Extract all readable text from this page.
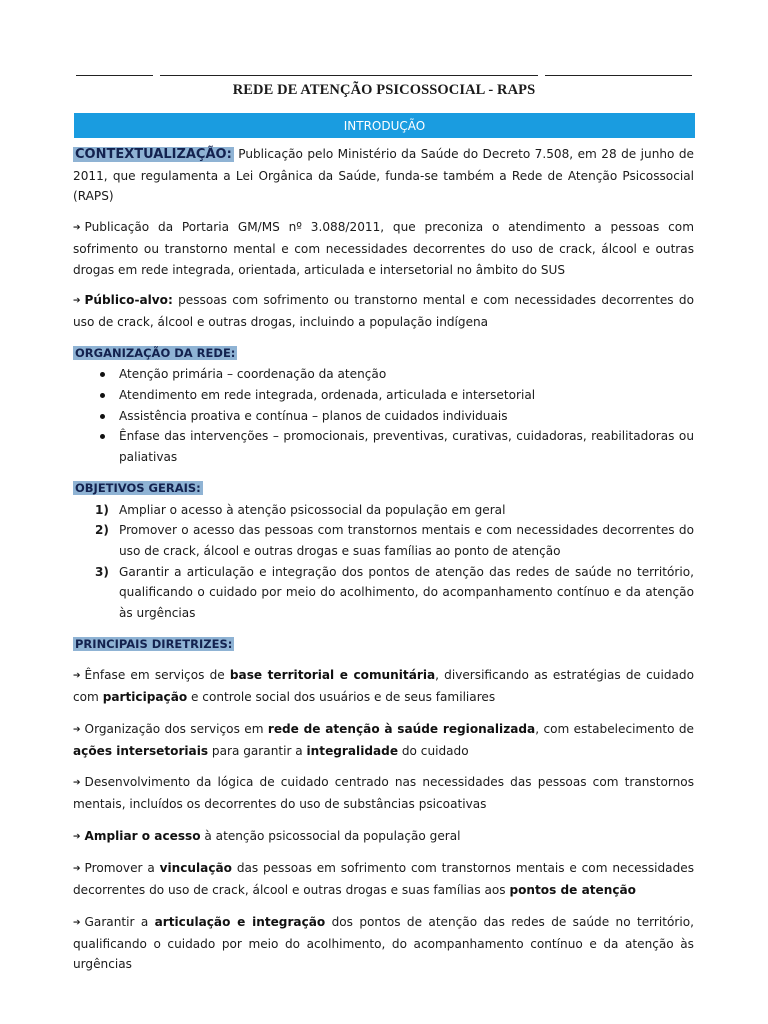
REDE DE ATENÇÃO PSICOSSOCIAL - RAPS
INTRODUÇÃO

CONTEXTUALIZAÇÃO: Publicação pelo Ministério da Saúde do Decreto 7.508, em 28 de junho de 2011, que regulamenta a Lei Orgânica da Saúde, funda-se também a Rede de Atenção Psicossocial (RAPS)

➔ Publicação da Portaria GM/MS nº 3.088/2011, que preconiza o atendimento a pessoas com sofrimento ou transtorno mental e com necessidades decorrentes do uso de crack, álcool e outras drogas em rede integrada, orientada, articulada e intersetorial no âmbito do SUS

➔ Público-alvo: pessoas com sofrimento ou transtorno mental e com necessidades decorrentes do uso de crack, álcool e outras drogas, incluindo a população indígena

ORGANIZAÇÃO DA REDE:

Atenção primária – coordenação da atenção
Atendimento em rede integrada, ordenada, articulada e intersetorial
Assistência proativa e contínua – planos de cuidados individuais
Ênfase das intervenções – promocionais, preventivas, curativas, cuidadoras, reabilitadoras ou paliativas

OBJETIVOS GERAIS:

1) Ampliar o acesso à atenção psicossocial da população em geral
2) Promover o acesso das pessoas com transtornos mentais e com necessidades decorrentes do uso de crack, álcool e outras drogas e suas famílias ao ponto de atenção
3) Garantir a articulação e integração dos pontos de atenção das redes de saúde no território, qualificando o cuidado por meio do acolhimento, do acompanhamento contínuo e da atenção às urgências

PRINCIPAIS DIRETRIZES:

➔ Ênfase em serviços de base territorial e comunitária, diversificando as estratégias de cuidado com participação e controle social dos usuários e de seus familiares

➔ Organização dos serviços em rede de atenção à saúde regionalizada, com estabelecimento de ações intersetoriais para garantir a integralidade do cuidado

➔ Desenvolvimento da lógica de cuidado centrado nas necessidades das pessoas com transtornos mentais, incluídos os decorrentes do uso de substâncias psicoativas

➔ Ampliar o acesso à atenção psicossocial da população geral

➔ Promover a vinculação das pessoas em sofrimento com transtornos mentais e com necessidades decorrentes do uso de crack, álcool e outras drogas e suas famílias aos pontos de atenção

➔ Garantir a articulação e integração dos pontos de atenção das redes de saúde no território, qualificando o cuidado por meio do acolhimento, do acompanhamento contínuo e da atenção às urgências
